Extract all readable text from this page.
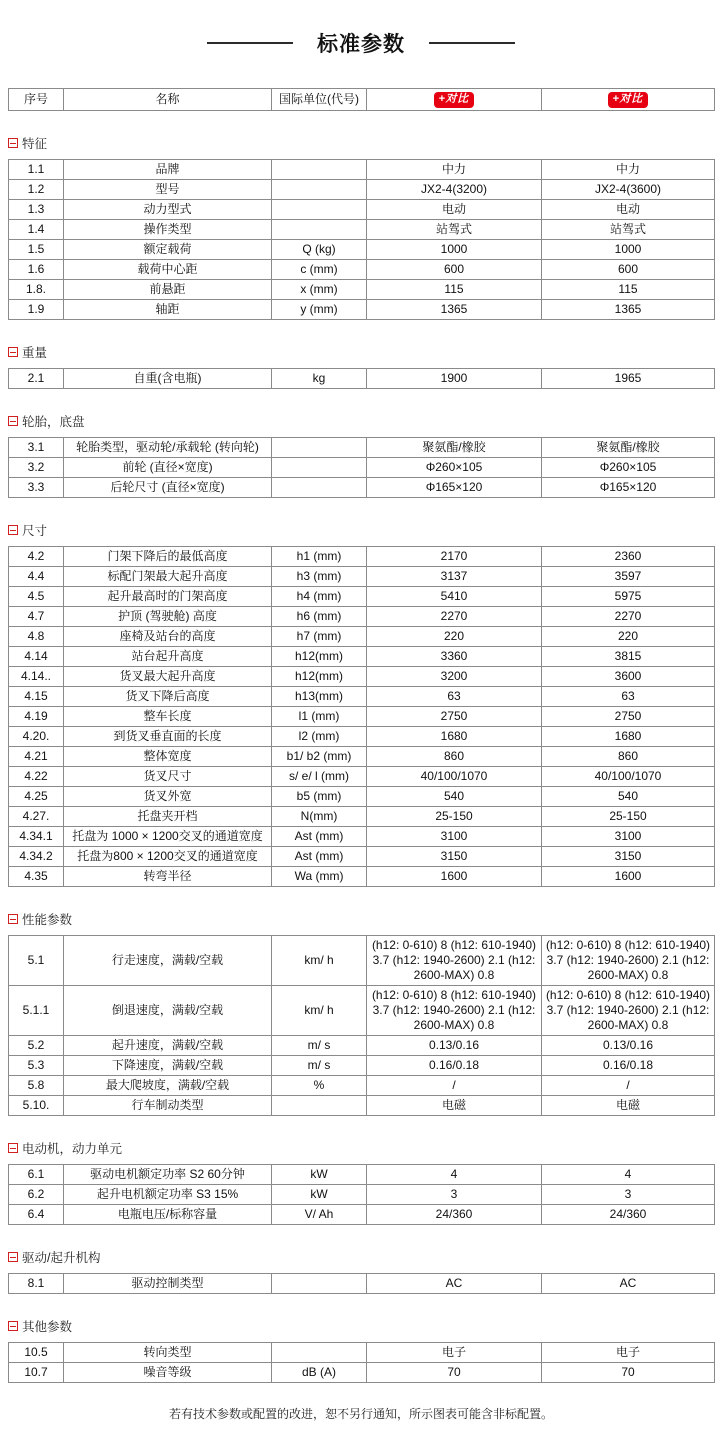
标准参数
序号	名称	国际单位(代号)	+对比	+对比
特征
1.1	品牌		中力	中力
1.2	型号		JX2-4(3200)	JX2-4(3600)
1.3	动力型式		电动	电动
1.4	操作类型		站驾式	站驾式
1.5	额定载荷	Q (kg)	1000	1000
1.6	载荷中心距	c (mm)	600	600
1.8.	前悬距	x (mm)	115	115
1.9	轴距	y (mm)	1365	1365
重量
2.1	自重(含电瓶)	kg	1900	1965
轮胎，底盘
3.1	轮胎类型，驱动轮/承载轮 (转向轮)		聚氨酯/橡胶	聚氨酯/橡胶
3.2	前轮 (直径×宽度)		Φ260×105	Φ260×105
3.3	后轮尺寸 (直径×宽度)		Φ165×120	Φ165×120
尺寸
4.2	门架下降后的最低高度	h1 (mm)	2170	2360
4.4	标配门架最大起升高度	h3 (mm)	3137	3597
4.5	起升最高时的门架高度	h4 (mm)	5410	5975
4.7	护顶 (驾驶舱) 高度	h6 (mm)	2270	2270
4.8	座椅及站台的高度	h7 (mm)	220	220
4.14	站台起升高度	h12(mm)	3360	3815
4.14..	货叉最大起升高度	h12(mm)	3200	3600
4.15	货叉下降后高度	h13(mm)	63	63
4.19	整车长度	l1 (mm)	2750	2750
4.20.	到货叉垂直面的长度	l2 (mm)	1680	1680
4.21	整体宽度	b1/ b2 (mm)	860	860
4.22	货叉尺寸	s/ e/ l (mm)	40/100/1070	40/100/1070
4.25	货叉外宽	b5 (mm)	540	540
4.27.	托盘夹开档	N(mm)	25-150	25-150
4.34.1	托盘为 1000 × 1200交叉的通道宽度	Ast (mm)	3100	3100
4.34.2	托盘为800 × 1200交叉的通道宽度	Ast (mm)	3150	3150
4.35	转弯半径	Wa (mm)	1600	1600
性能参数
5.1	行走速度，满载/空载	km/ h	(h12: 0-610) 8 (h12: 610-1940) 3.7 (h12: 1940-2600) 2.1 (h12: 2600-MAX) 0.8	(h12: 0-610) 8 (h12: 610-1940) 3.7 (h12: 1940-2600) 2.1 (h12: 2600-MAX) 0.8
5.1.1	倒退速度，满载/空载	km/ h	(h12: 0-610) 8 (h12: 610-1940) 3.7 (h12: 1940-2600) 2.1 (h12: 2600-MAX) 0.8	(h12: 0-610) 8 (h12: 610-1940) 3.7 (h12: 1940-2600) 2.1 (h12: 2600-MAX) 0.8
5.2	起升速度，满载/空载	m/ s	0.13/0.16	0.13/0.16
5.3	下降速度，满载/空载	m/ s	0.16/0.18	0.16/0.18
5.8	最大爬坡度，满载/空载	%	/	/
5.10.	行车制动类型		电磁	电磁
电动机，动力单元
6.1	驱动电机额定功率 S2 60分钟	kW	4	4
6.2	起升电机额定功率 S3 15%	kW	3	3
6.4	电瓶电压/标称容量	V/ Ah	24/360	24/360
驱动/起升机构
8.1	驱动控制类型		AC	AC
其他参数
10.5	转向类型		电子	电子
10.7	噪音等级	dB (A)	70	70
若有技术参数或配置的改进，恕不另行通知，所示图表可能含非标配置。
